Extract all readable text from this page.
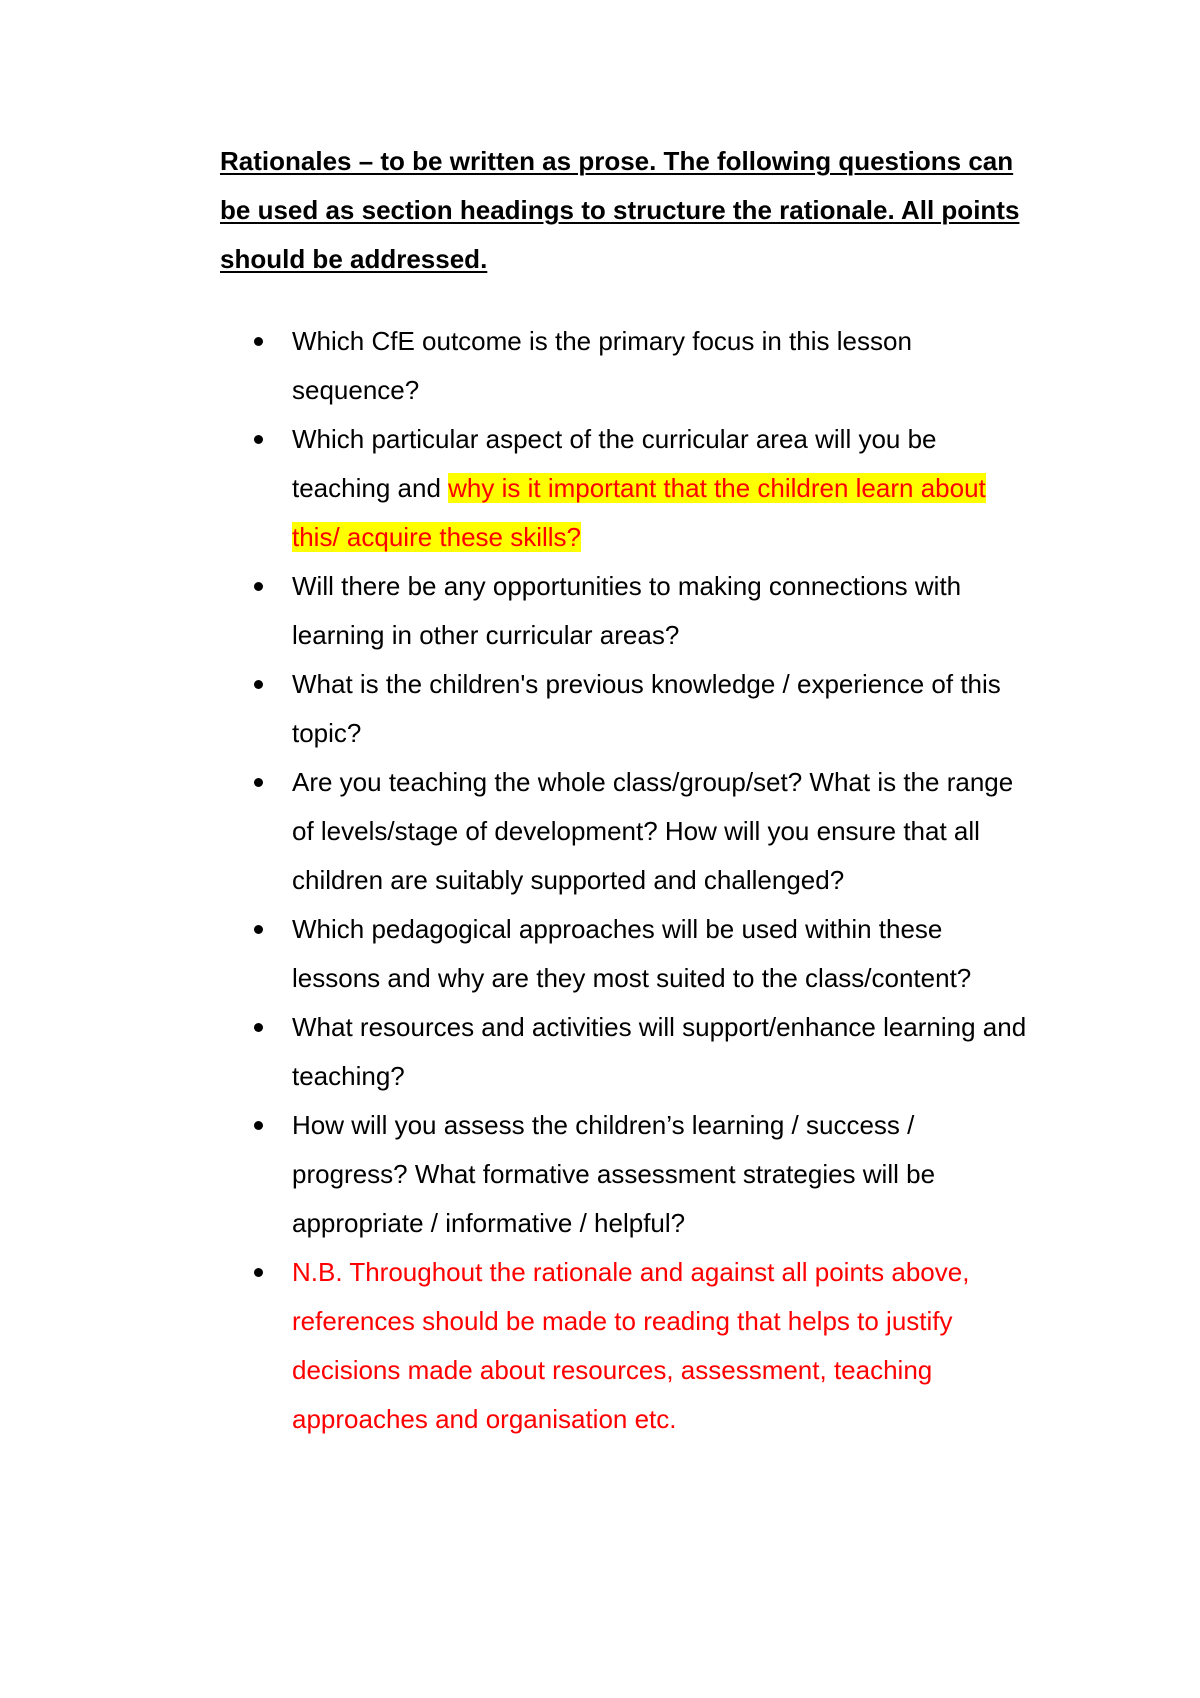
Rationales – to be written as prose. The following questions can be used as section headings to structure the rationale. All points should be addressed.

Which CfE outcome is the primary focus in this lesson sequence?
Which particular aspect of the curricular area will you be teaching and why is it important that the children learn about this/ acquire these skills?
Will there be any opportunities to making connections with learning in other curricular areas?
What is the children's previous knowledge / experience of this topic?
Are you teaching the whole class/group/set? What is the range of levels/stage of development? How will you ensure that all children are suitably supported and challenged?
Which pedagogical approaches will be used within these lessons and why are they most suited to the class/content?
What resources and activities will support/enhance learning and teaching?
How will you assess the children’s learning / success / progress? What formative assessment strategies will be appropriate / informative / helpful?
N.B. Throughout the rationale and against all points above, references should be made to reading that helps to justify decisions made about resources, assessment, teaching approaches and organisation etc.
